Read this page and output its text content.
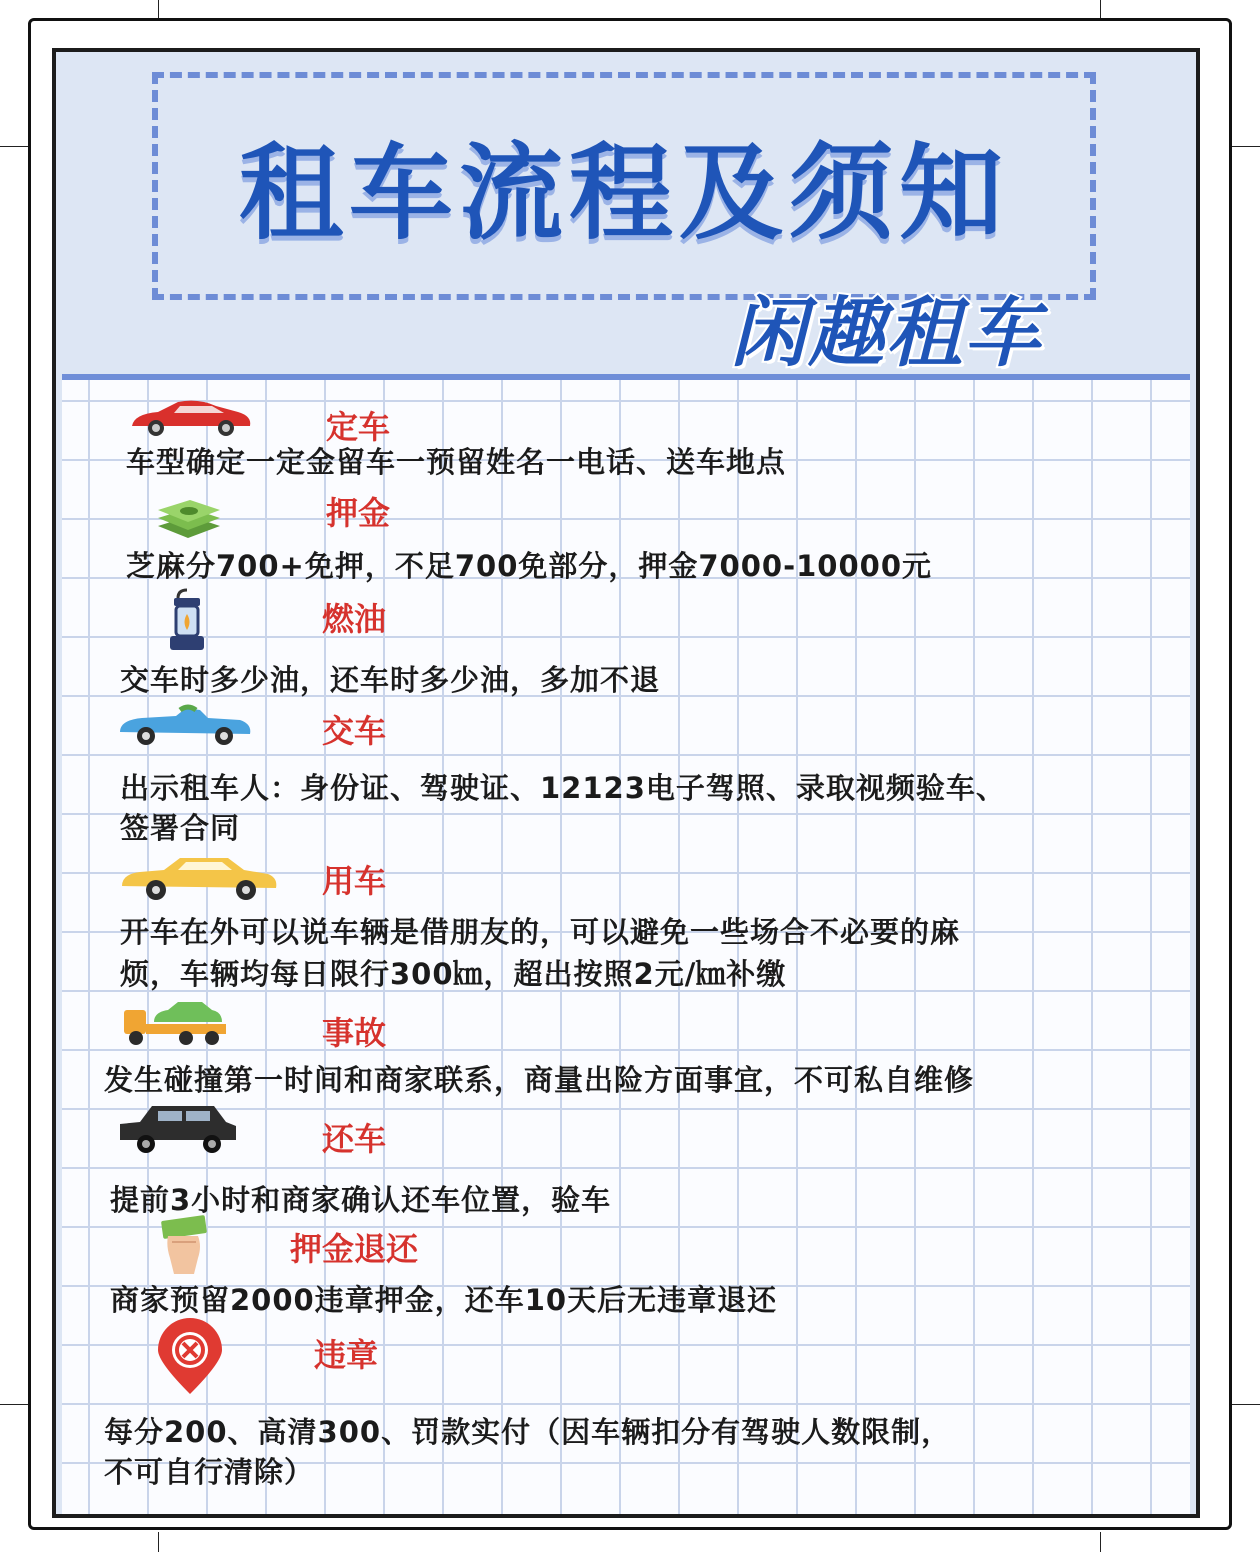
租车流程及须知
闲趣租车
定车
车型确定一定金留车一预留姓名一电话、送车地点
押金
芝麻分700+免押，不足700免部分，押金7000-10000元
燃油
交车时多少油，还车时多少油，多加不退
交车
出示租车人：身份证、驾驶证、12123电子驾照、录取视频验车、
签署合同
用车
开车在外可以说车辆是借朋友的，可以避免一些场合不必要的麻
烦，车辆均每日限行300㎞，超出按照2元/㎞补缴
事故
发生碰撞第一时间和商家联系，商量出险方面事宜，不可私自维修
还车
提前3小时和商家确认还车位置，验车
押金退还
商家预留2000违章押金，还车10天后无违章退还
违章
每分200、高清300、罚款实付（因车辆扣分有驾驶人数限制，
不可自行清除）
